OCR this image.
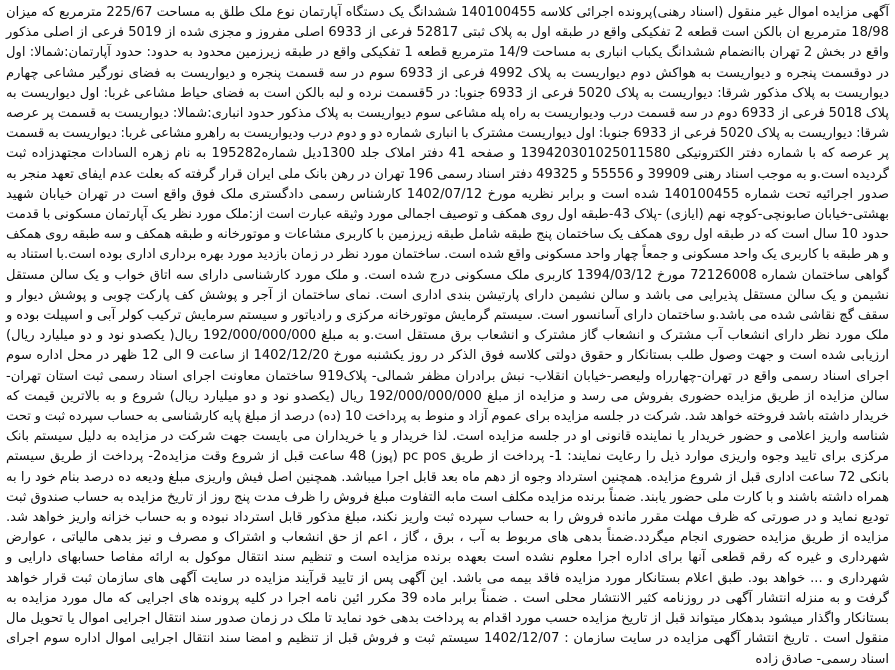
آگهی مزایده اموال غیر منقول (اسناد رهنی)پرونده اجرائی کلاسه 140100455 ششدانگ یک دستگاه آپارتمان نوع ملک طلق به مساحت 225/67 مترمربع که میزان 18/98 مترمربع ان بالکن است قطعه 2 تفکیکی واقع در طبقه اول به پلاک ثبتی 52817 فرعی از 6933 اصلی مفروز و مجزی شده از 5019 فرعی از اصلی مذکور واقع در بخش 2 تهران باانضمام ششدانگ یکباب انباری به مساحت 14/9 مترمربع قطعه 1 تفکیکی واقع در طبقه زیرزمین محدود به حدود: حدود آپارتمان:شمالا: اول در دوقسمت پنجره و دیواریست به هواکش دوم دیواریست به پلاک 4992 فرعی از 6933 سوم در سه قسمت پنجره و دیواریست به فضای نورگیر مشاعی چهارم دیواریست به پلاک مذکور شرقا: دیواریست به پلاک 5020 فرعی از 6933 جنوبا: در 5قسمت نرده و لبه بالکن است به فضای حیاط مشاعی غربا: اول دیواریست به پلاک 5018 فرعی از 6933 دوم در سه قسمت درب ودیواریست به راه پله مشاعی سوم دیواریست به پلاک مذکور حدود انباری:شمالا: دیواریست به قسمت پر عرصه شرقا: دیواریست به پلاک 5020 فرعی از 6933 جنوبا: اول دیواریست مشترک با انباری شماره دو و دوم درب ودیواریست به راهرو مشاعی غربا: دیواریست به قسمت پر عرصه که با شماره دفتر الکترونیکی 139420301025011580 و صفحه 41 دفتر املاک جلد 1300دیل شماره195282 به نام زهره السادات مجتهدزاده ثبت گردیده است.و به موجب اسناد رهنی 39909 و 55556 و 49325 دفتر اسناد رسمی 196 تهران در رهن بانک ملی ایران قرار گرفته که بعلت عدم ایفای تعهد منجر به صدور اجرائیه تحت شماره 140100455 شده است و برابر نظریه مورخ 1402/07/12 کارشناس رسمی دادگستری ملک فوق واقع است در تهران خیابان شهید بهشتی-خیابان صابونچی-کوچه نهم (ایازی) -پلاک 43-طبقه اول روی همکف و توصیف اجمالی مورد وثیقه عبارت است از:ملک مورد نظر یک آپارتمان مسکونی با قدمت حدود 10 سال است که در طبقه اول روی همکف یک ساختمان پنج طبقه شامل طبقه زیرزمین با کاربری مشاعات و موتورخانه و طبقه همکف و سه طبقه روی همکف و هر طبقه با کاربری یک واحد مسکونی و جمعاً چهار واحد مسکونی واقع شده است. ساختمان مورد نظر در زمان بازدید مورد بهره برداری اداری بوده است.با استناد به گواهی ساختمان شماره 72126008 مورخ 1394/03/12 کاربری ملک مسکونی درج شده است. و ملک مورد کارشناسی دارای سه اتاق خواب و یک سالن مستقل نشیمن و یک سالن مستقل پذیرایی می باشد و سالن نشیمن دارای پارتیشن بندی اداری است. نمای ساختمان از آجر و پوشش کف پارکت چوبی و پوشش دیوار و سقف گچ نقاشی شده می باشد.و ساختمان دارای آسانسور است. سیستم گرمایش موتورخانه مرکزی و رادیاتور و سیستم سرمایش ترکیب کولر آبی و اسپیلت بوده و ملک مورد نظر دارای انشعاب آب مشترک و انشعاب گاز مشترک و انشعاب برق مستقل است.و به مبلغ 192/000/000/000 ریال( یکصدو نود و دو میلیارد ریال) ارزیابی شده است و جهت وصول طلب بستانکار و حقوق دولتی کلاسه فوق الذکر در روز یکشنبه مورخ 1402/12/20 از ساعت 9 الی 12 ظهر در محل اداره سوم اجرای اسناد رسمی واقع در تهران-چهارراه ولیعصر-خیابان انقلاب- نبش برادران مظفر شمالی- پلاک919 ساختمان معاونت اجرای اسناد رسمی ثبت استان تهران-سالن مزایده از طریق مزایده حضوری بفروش می رسد و مزایده از مبلغ 192/000/000/000 ریال (یکصدو نود و دو میلیارد ریال) شروع و به بالاترین قیمت که خریدار داشته باشد فروخته خواهد شد. شرکت در جلسه مزایده برای عموم آزاد و منوط به پرداخت 10 (ده) درصد از مبلغ پایه کارشناسی به حساب سپرده ثبت و تحت شناسه واریز اعلامی و حضور خریدار یا نماینده قانونی او در جلسه مزایده است. لذا خریدار و یا خریداران می بایست جهت شرکت در مزایده به دلیل سیستم بانک مرکزی برای تایید وجوه واریزی موارد ذیل را رعایت نمایند: 1- پرداخت از طریق pc pos (پوز) 48 ساعت قبل از شروع وقت مزایده2- پرداخت از طریق سیستم بانکی 72 ساعت اداری قبل از شروع مزایده. همچنین استرداد وجوه از دهم ماه بعد قابل اجرا میباشد. همچنین اصل فیش واریزی مبلغ ودیعه ده درصد بنام خود را به همراه داشته باشند و با کارت ملی حضور یابند. ضمناً برنده مزایده مکلف است مابه التفاوت مبلغ فروش را ظرف مدت پنج روز از تاریخ مزایده به حساب صندوق ثبت تودیع نماید و در صورتی که ظرف مهلت مقرر مانده فروش را به حساب سپرده ثبت واریز نکند، مبلغ مذکور قابل استرداد نبوده و به حساب خزانه واریز خواهد شد. مزایده از طریق مزایده حضوری انجام میگردد.ضمناً بدهی های مربوط به آب ، برق ، گاز ، اعم از حق انشعاب و اشتراک و مصرف و نیز بدهی مالیاتی ، عوارض شهرداری و غیره که رقم قطعی آنها برای اداره اجرا معلوم نشده است بعهده برنده مزایده است و تنظیم سند انتقال موکول به ارائه مفاصا حسابهای دارایی و شهرداری و ... خواهد بود. طبق اعلام بستانکار مورد مزایده فاقد بیمه می باشد. این آگهی پس از تایید قرآیند مزایده در سایت آگهی های سازمان ثبت قرار خواهد گرفت و به منزله انتشار آگهی در روزنامه کثیر الانتشار محلی است . ضمناً برابر ماده 39 مکرر ائین نامه اجرا در کلیه پرونده های اجرایی که مال مورد مزایده به بستانکار واگذار میشود بدهکار میتواند قبل از تاریخ مزایده حسب مورد اقدام به پرداخت بدهی خود نماید تا ملک در زمان صدور سند انتقال اجرایی اموال یا تحویل مال منقول است . تاریخ انتشار آگهی مزایده در سایت سازمان : 1402/12/07 سیستم ثبت و فروش قبل از تنظیم و امضا سند انتقال اجرایی اموال اداره سوم اجرای اسناد رسمی- صادق زاده
